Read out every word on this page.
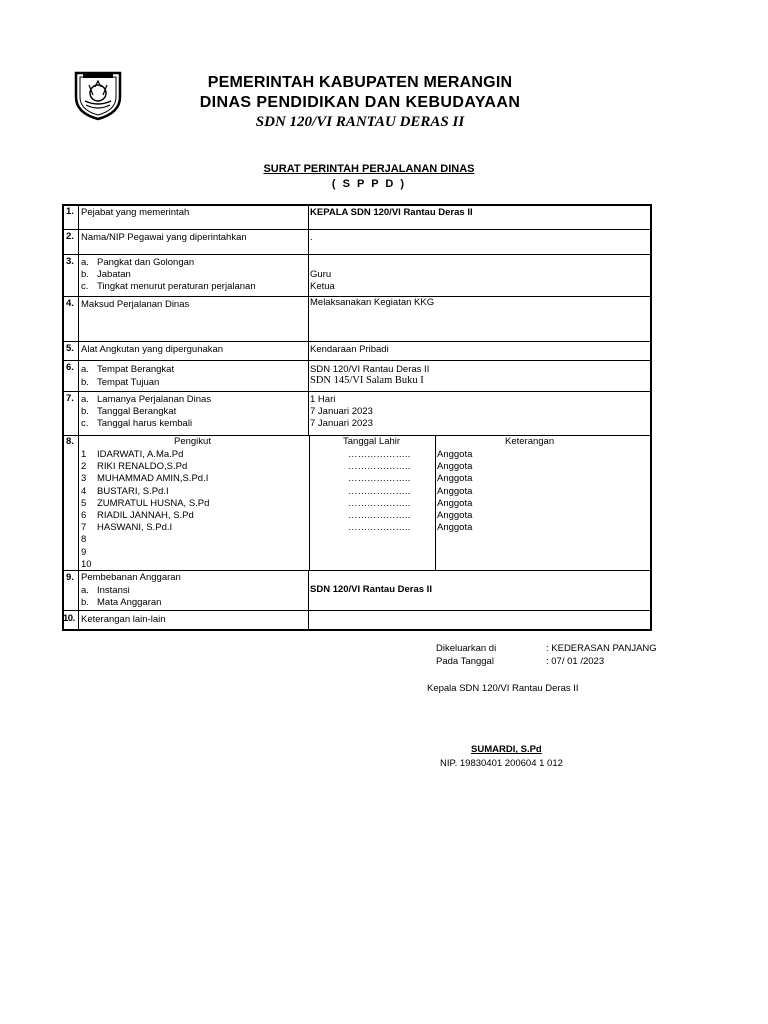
PEMERINTAH KABUPATEN MERANGIN
DINAS PENDIDIKAN DAN KEBUDAYAAN
SDN 120/VI RANTAU DERAS II
SURAT PERINTAH PERJALANAN DINAS
( S P P D )
1. Pejabat yang memerintah	KEPALA SDN 120/VI Rantau Deras II
2. Nama/NIP Pegawai yang diperintahkan	.
3. a. Pangkat dan Golongan
b. Jabatan	Guru
c. Tingkat menurut peraturan perjalanan	Ketua
4. Maksud Perjalanan Dinas	Melaksanakan Kegiatan KKG
5. Alat Angkutan yang dipergunakan	Kendaraan Pribadi
6. a. Tempat Berangkat	SDN 120/VI Rantau Deras II
b. Tempat Tujuan	SDN 145/VI Salam Buku I
7. a. Lamanya Perjalanan Dinas	1 Hari
b. Tanggal Berangkat	7 Januari 2023
c. Tanggal harus kembali	7 Januari 2023
8.	Pengikut	Tanggal Lahir	Keterangan
1 IDARWATI, A.Ma.Pd	………………..	Anggota
2 RIKI RENALDO,S.Pd	………………..	Anggota
3 MUHAMMAD AMIN,S.Pd.I	………………..	Anggota
4 BUSTARI, S.Pd.I	………………..	Anggota
5 ZUMRATUL HUSNA, S.Pd	………………..	Anggota
6 RIADIL JANNAH, S.Pd	………………..	Anggota
7 HASWANI, S.Pd.I	………………..	Anggota
8
9
10
9. Pembebanan Anggaran
a. Instansi	SDN 120/VI Rantau Deras II
b. Mata Anggaran
10. Keterangan lain-lain
Dikeluarkan di	: KEDERASAN PANJANG
Pada Tanggal	: 07/ 01 /2023
Kepala SDN 120/VI Rantau Deras II
SUMARDI, S.Pd
NIP. 19830401 200604 1 012
